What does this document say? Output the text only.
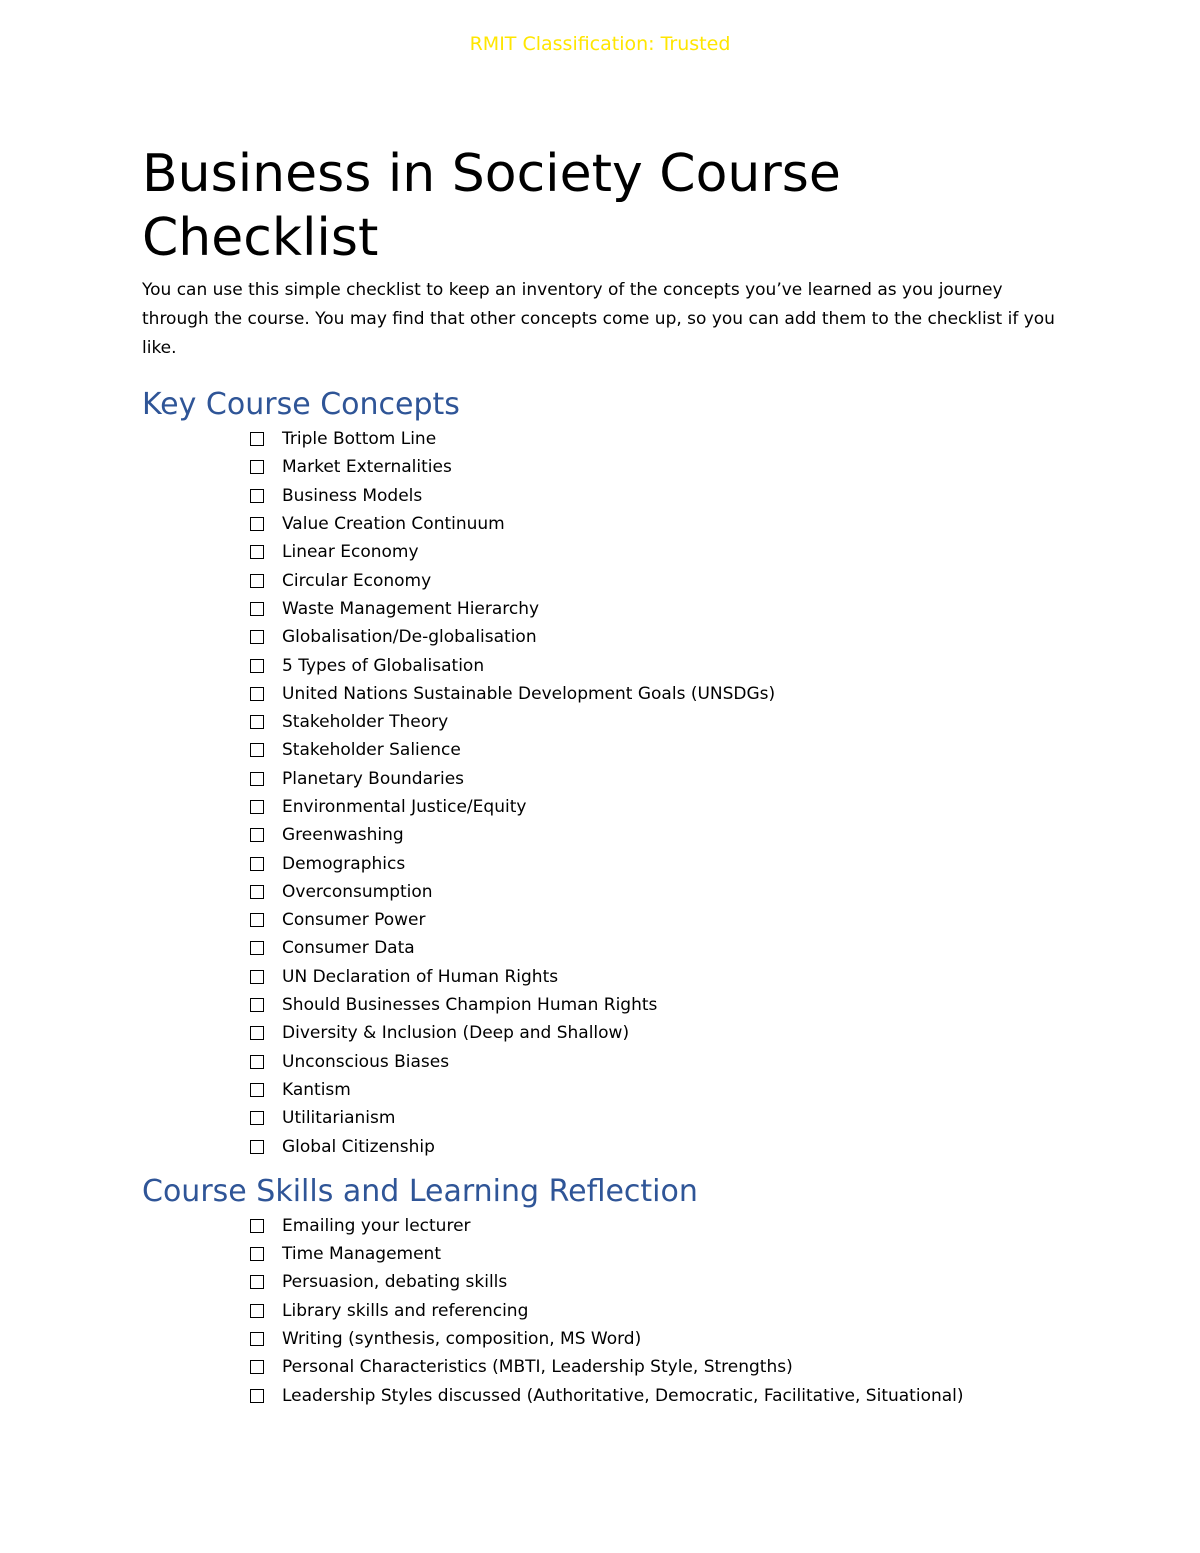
RMIT Classification: Trusted
Business in Society Course Checklist

You can use this simple checklist to keep an inventory of the concepts you’ve learned as you journey through the course. You may find that other concepts come up, so you can add them to the checklist if you like.

Key Course Concepts
Triple Bottom Line
Market Externalities
Business Models
Value Creation Continuum
Linear Economy
Circular Economy
Waste Management Hierarchy
Globalisation/De-globalisation
5 Types of Globalisation
United Nations Sustainable Development Goals (UNSDGs)
Stakeholder Theory
Stakeholder Salience
Planetary Boundaries
Environmental Justice/Equity
Greenwashing
Demographics
Overconsumption
Consumer Power
Consumer Data
UN Declaration of Human Rights
Should Businesses Champion Human Rights
Diversity & Inclusion (Deep and Shallow)
Unconscious Biases
Kantism
Utilitarianism
Global Citizenship
Course Skills and Learning Reflection
Emailing your lecturer
Time Management
Persuasion, debating skills
Library skills and referencing
Writing (synthesis, composition, MS Word)
Personal Characteristics (MBTI, Leadership Style, Strengths)
Leadership Styles discussed (Authoritative, Democratic, Facilitative, Situational)
